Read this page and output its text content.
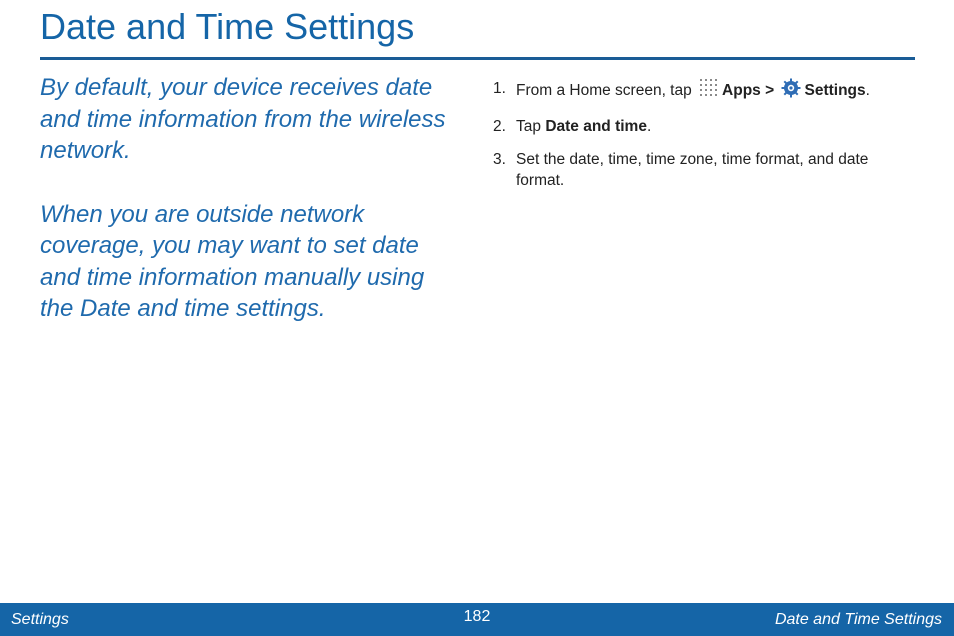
Date and Time Settings

By default, your device receives date and time information from the wireless network.

When you are outside network coverage, you may want to set date and time information manually using the Date and time settings.

1. From a Home screen, tap Apps > Settings.
2. Tap Date and time.
3. Set the date, time, time zone, time format, and date format.
Settings	182	Date and Time Settings
